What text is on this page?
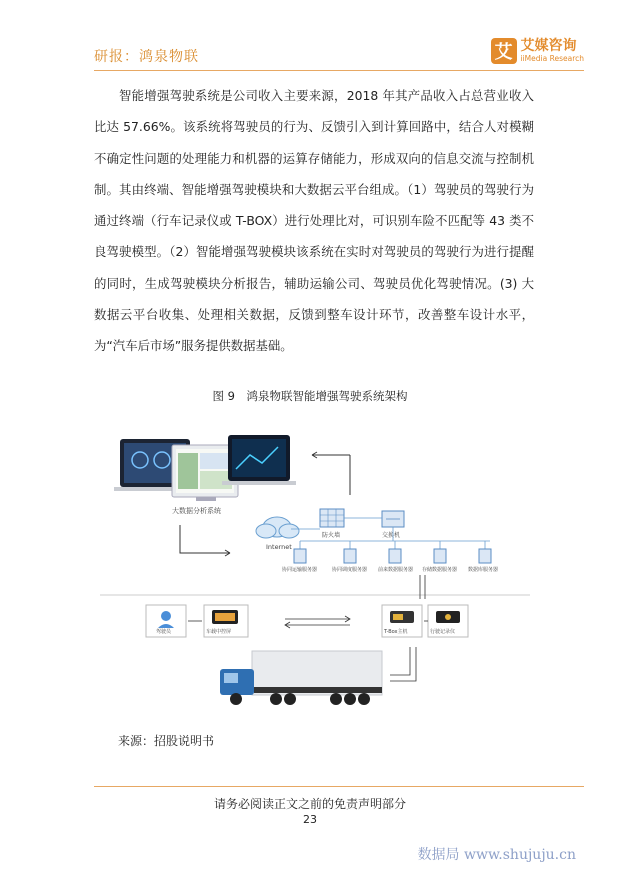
研报：鸿泉物联	艾 艾媒咨询
iiMedia Research

智能增强驾驶系统是公司收入主要来源，2018 年其产品收入占总营业收入比达 57.66%。该系统将驾驶员的行为、反馈引入到计算回路中，结合人对模糊不确定性问题的处理能力和机器的运算存储能力，形成双向的信息交流与控制机制。其由终端、智能增强驾驶模块和大数据云平台组成。（1）驾驶员的驾驶行为通过终端（行车记录仪或 T-BOX）进行处理比对，可识别车险不匹配等 43 类不良驾驶模型。（2）智能增强驾驶模块该系统在实时对驾驶员的驾驶行为进行提醒的同时，生成驾驶模块分析报告，辅助运输公司、驾驶员优化驾驶情况。(3) 大数据云平台收集、处理相关数据，反馈到整车设计环节，改善整车设计水平，为“汽车后市场”服务提供数据基础。

图 9　鸿泉物联智能增强驾驶系统架构
大数据分析系统
Internet
防火墙	交换机
协同运输服务器	协同调度服务器 前来数据服务器 存储数据服务器 数据库服务器
驾驶员	车载中控屏	T-Box主机	行驶记录仪
来源：招股说明书
请务必阅读正文之前的免责声明部分
23
数据局 www.shujuju.cn
